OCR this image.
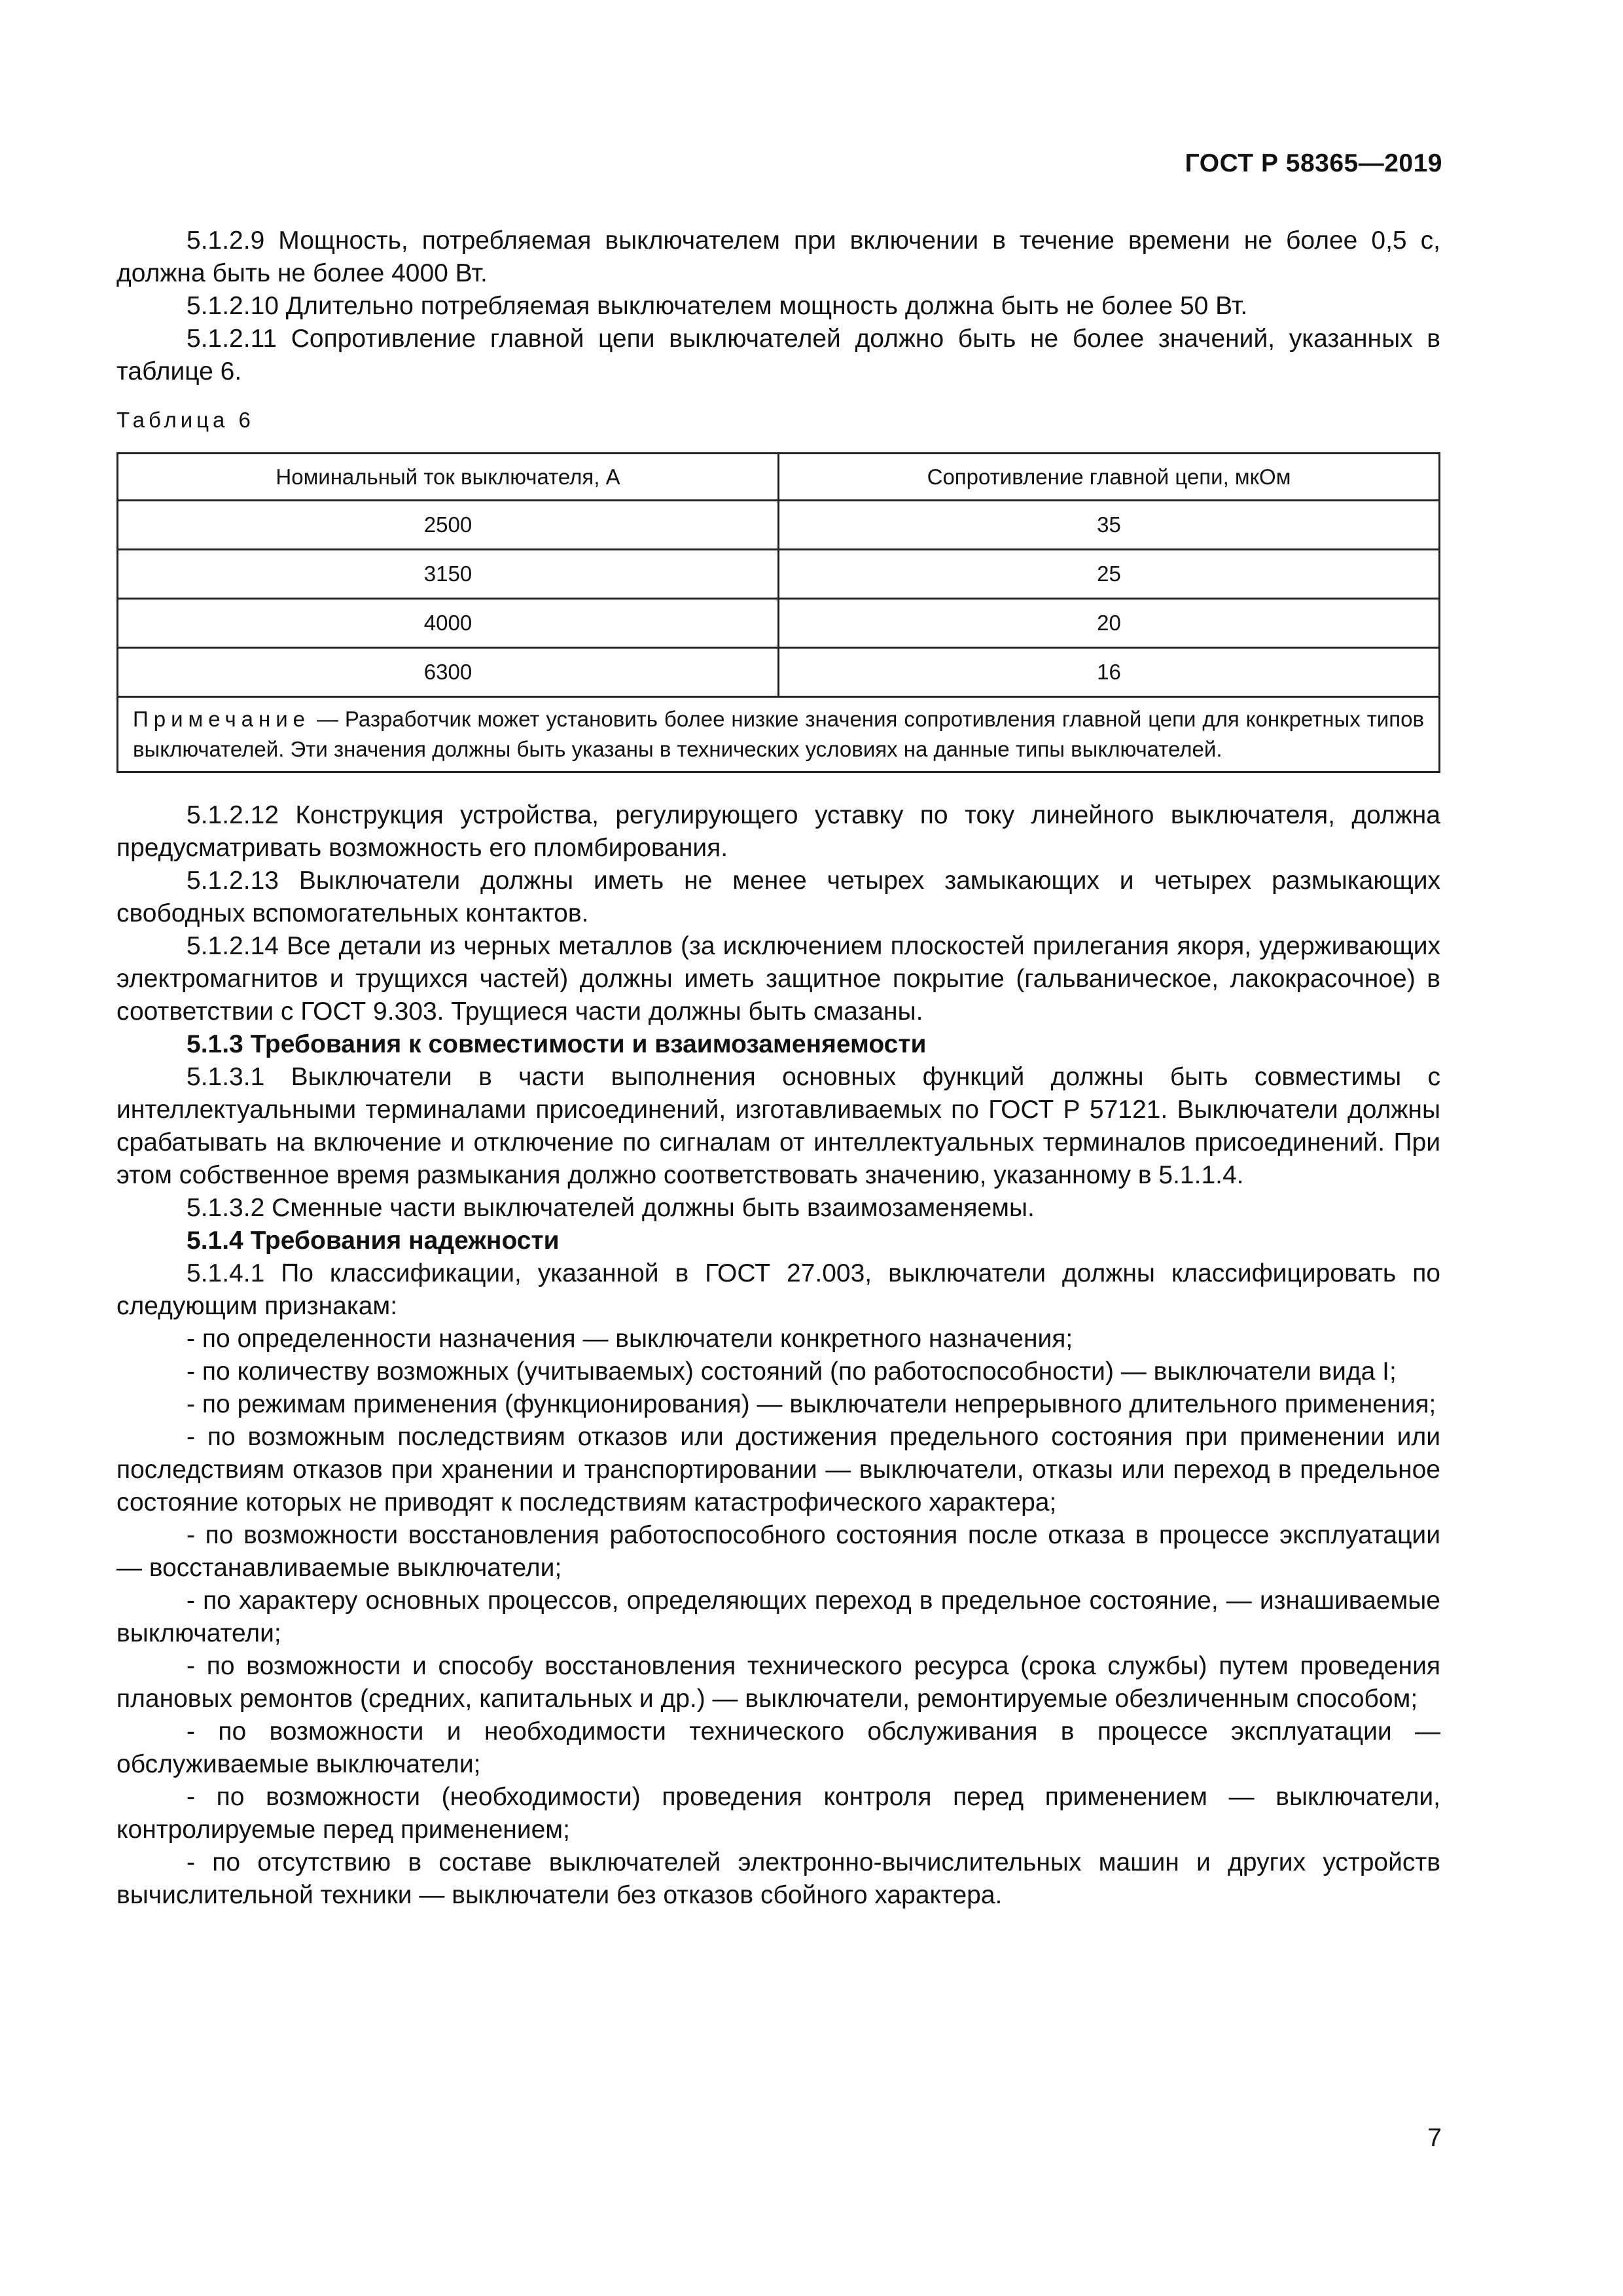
ГОСТ Р 58365—2019

5.1.2.9 Мощность, потребляемая выключателем при включении в течение времени не более 0,5 с, должна быть не более 4000 Вт.

5.1.2.10 Длительно потребляемая выключателем мощность должна быть не более 50 Вт.

5.1.2.11 Сопротивление главной цепи выключателей должно быть не более значений, указанных в таблице 6.

Таблица 6

Номинальный ток выключателя, А	Сопротивление главной цепи, мкОм
2500	35
3150	25
4000	20
6300	16
Примечание — Разработчик может установить более низкие значения сопротивления главной цепи для конкретных типов выключателей. Эти значения должны быть указаны в технических условиях на данные типы выключателей.	

5.1.2.12 Конструкция устройства, регулирующего уставку по току линейного выключателя, должна предусматривать возможность его пломбирования.

5.1.2.13 Выключатели должны иметь не менее четырех замыкающих и четырех размыкающих свободных вспомогательных контактов.

5.1.2.14 Все детали из черных металлов (за исключением плоскостей прилегания якоря, удерживающих электромагнитов и трущихся частей) должны иметь защитное покрытие (гальваническое, лакокрасочное) в соответствии с ГОСТ 9.303. Трущиеся части должны быть смазаны.

5.1.3 Требования к совместимости и взаимозаменяемости

5.1.3.1 Выключатели в части выполнения основных функций должны быть совместимы с интеллектуальными терминалами присоединений, изготавливаемых по ГОСТ Р 57121. Выключатели должны срабатывать на включение и отключение по сигналам от интеллектуальных терминалов присоединений. При этом собственное время размыкания должно соответствовать значению, указанному в 5.1.1.4.

5.1.3.2 Сменные части выключателей должны быть взаимозаменяемы.

5.1.4 Требования надежности

5.1.4.1 По классификации, указанной в ГОСТ 27.003, выключатели должны классифицировать по следующим признакам:

- по определенности назначения — выключатели конкретного назначения;

- по количеству возможных (учитываемых) состояний (по работоспособности) — выключатели вида I;

- по режимам применения (функционирования) — выключатели непрерывного длительного применения;

- по возможным последствиям отказов или достижения предельного состояния при применении или последствиям отказов при хранении и транспортировании — выключатели, отказы или переход в предельное состояние которых не приводят к последствиям катастрофического характера;

- по возможности восстановления работоспособного состояния после отказа в процессе эксплуатации — восстанавливаемые выключатели;

- по характеру основных процессов, определяющих переход в предельное состояние, — изнашиваемые выключатели;

- по возможности и способу восстановления технического ресурса (срока службы) путем проведения плановых ремонтов (средних, капитальных и др.) — выключатели, ремонтируемые обезличенным способом;

- по возможности и необходимости технического обслуживания в процессе эксплуатации — обслуживаемые выключатели;

- по возможности (необходимости) проведения контроля перед применением — выключатели, контролируемые перед применением;

- по отсутствию в составе выключателей электронно-вычислительных машин и других устройств вычислительной техники — выключатели без отказов сбойного характера.

7
